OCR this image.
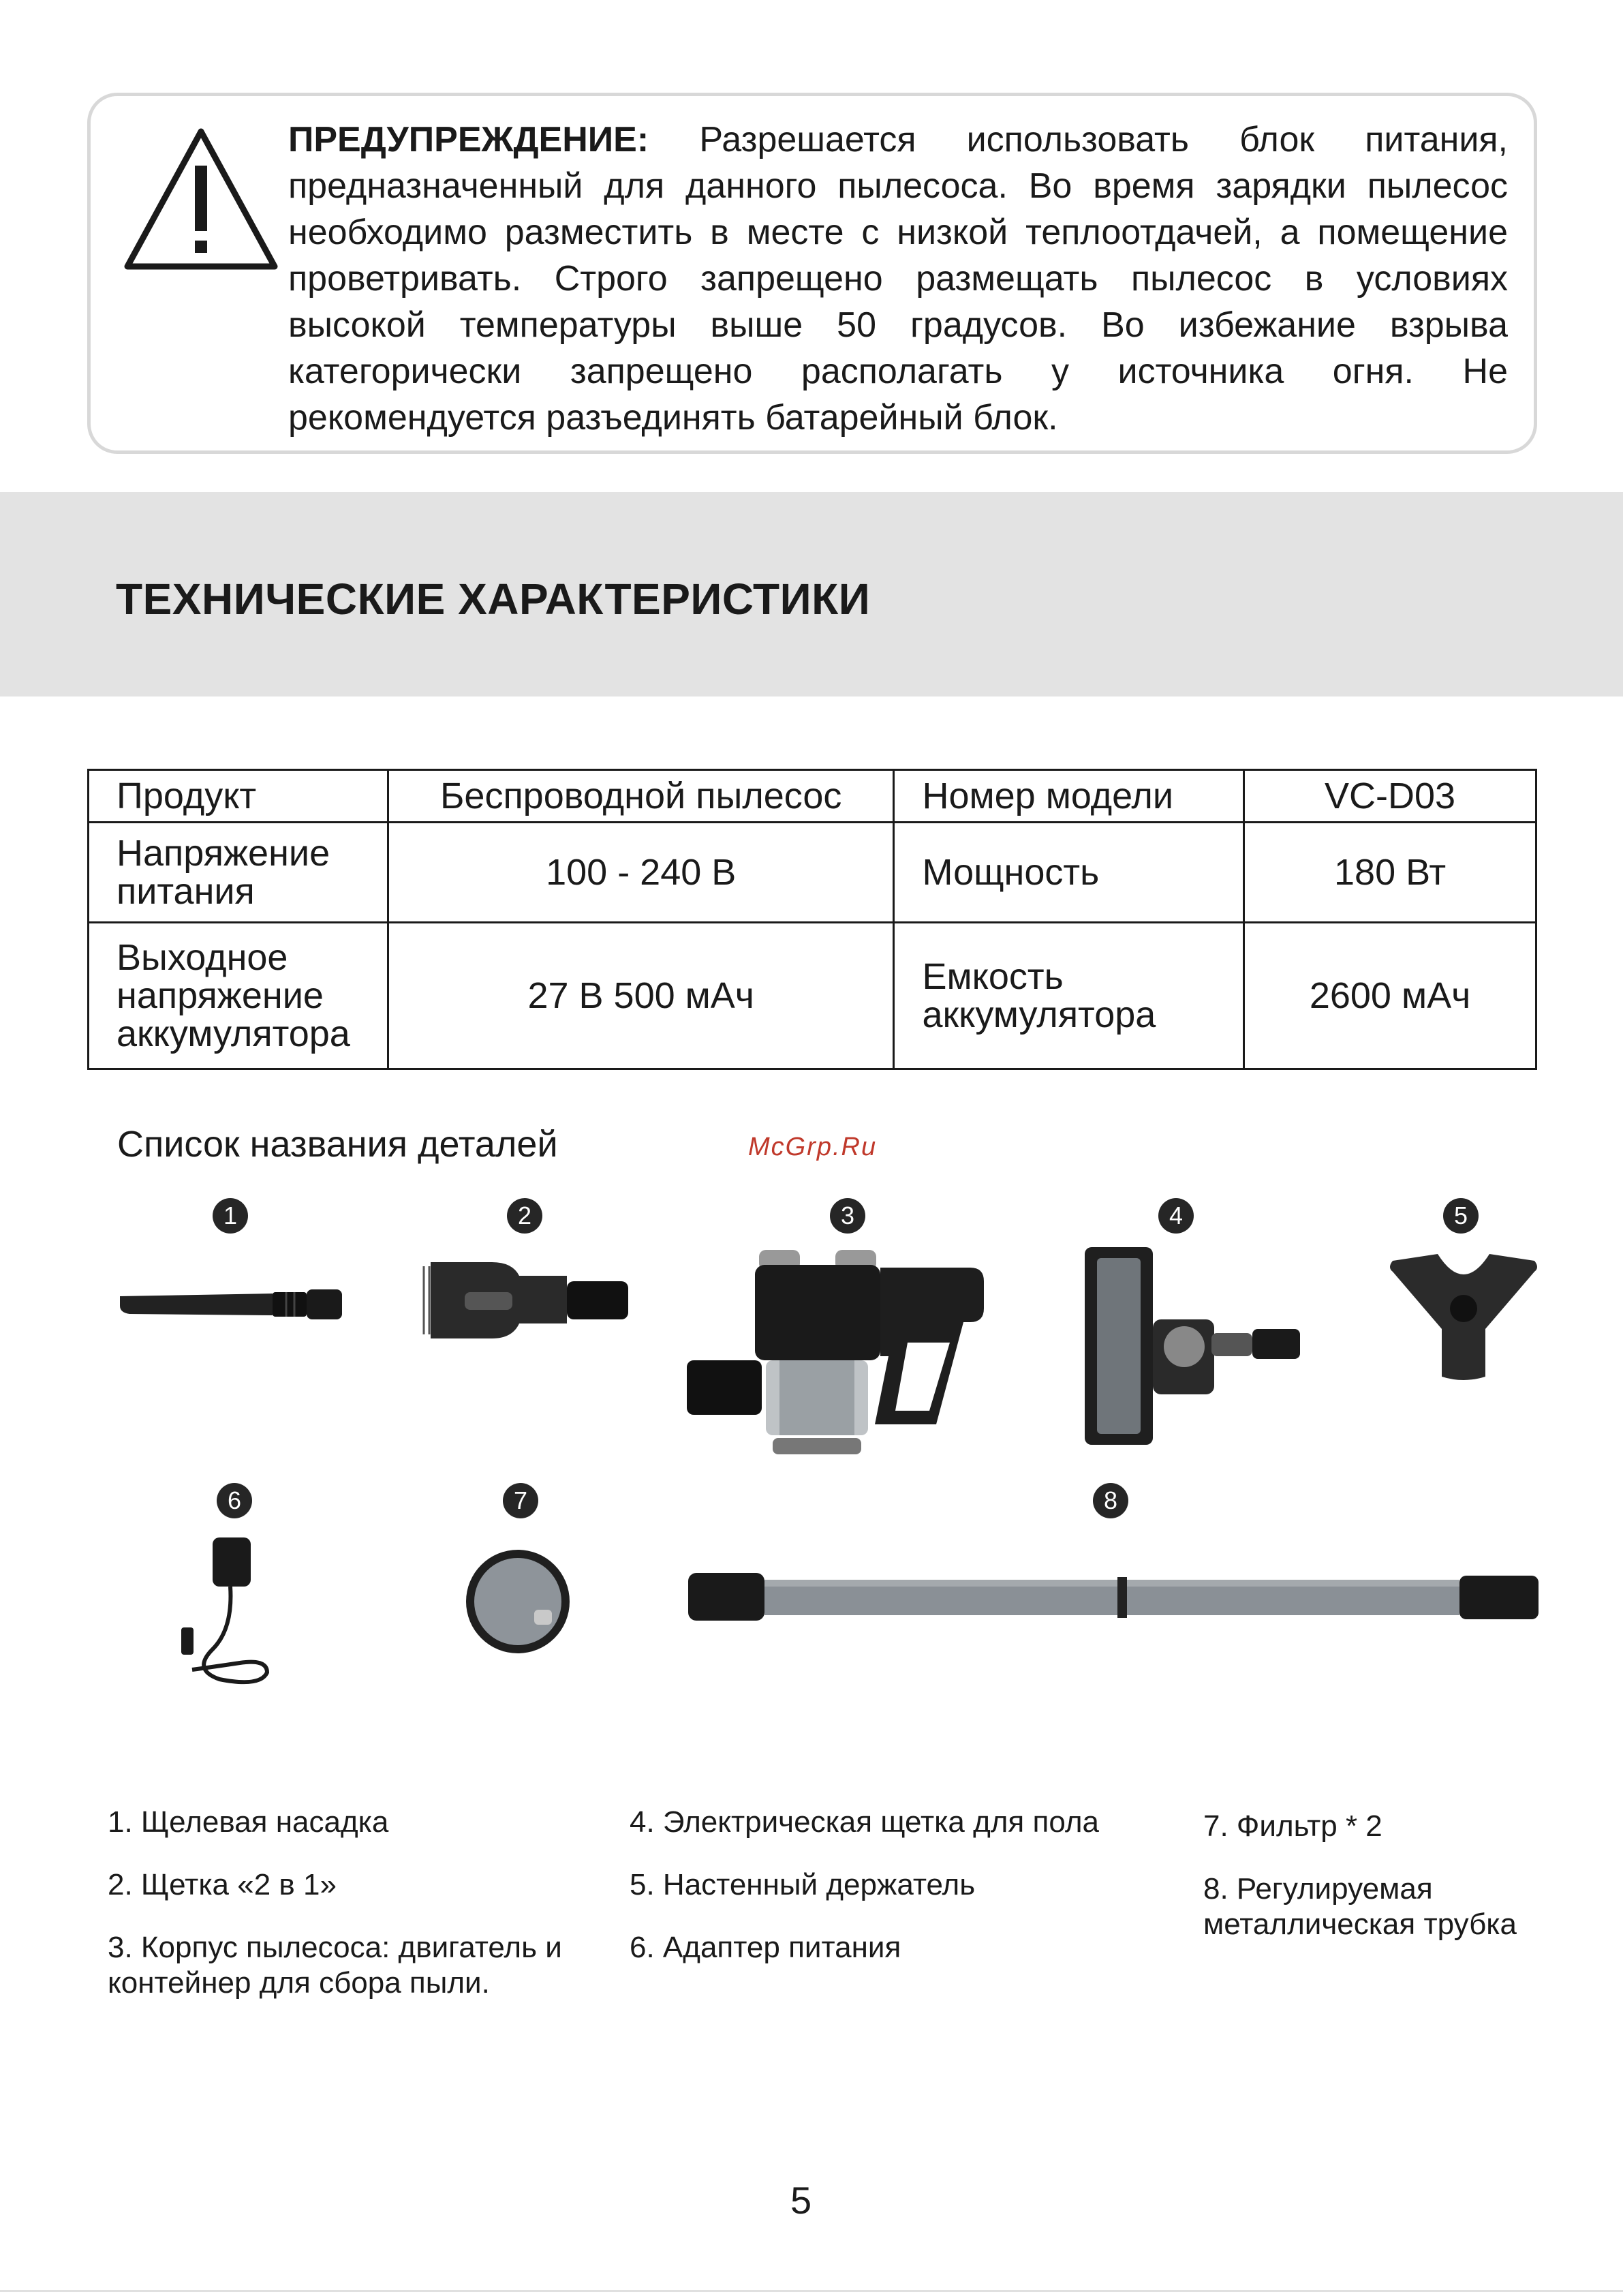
ПРЕДУПРЕЖДЕНИЕ: Разрешается использовать блок питания, предназначенный для данного пылесоса. Во время зарядки пылесос необходимо разместить в месте с низкой теплоотдачей, а помещение проветривать. Строго запрещено размещать пылесос в условиях высокой температуры выше 50 градусов. Во избежание взрыва категорически запрещено располагать у источника огня. Не рекомендуется разъединять батарейный блок.
ТЕХНИЧЕСКИЕ ХАРАКТЕРИСТИКИ
Продукт	Беспроводной пылесос	Номер модели	VC-D03
Напряжение питания	100 - 240 В	Мощность	180 Вт
Выходное напряжение аккумулятора	27 В 500 мАч	Емкость аккумулятора	2600 мАч
Список названия деталей	McGrp.Ru
1	2	3	4	5
6	7	8
1. Щелевая насадка
2. Щетка «2 в 1»
3. Корпус пылесоса: двигатель и контейнер для сбора пыли.
4. Электрическая щетка для пола
5. Настенный держатель
6. Адаптер питания
7. Фильтр * 2
8. Регулируемая металлическая трубка
5
